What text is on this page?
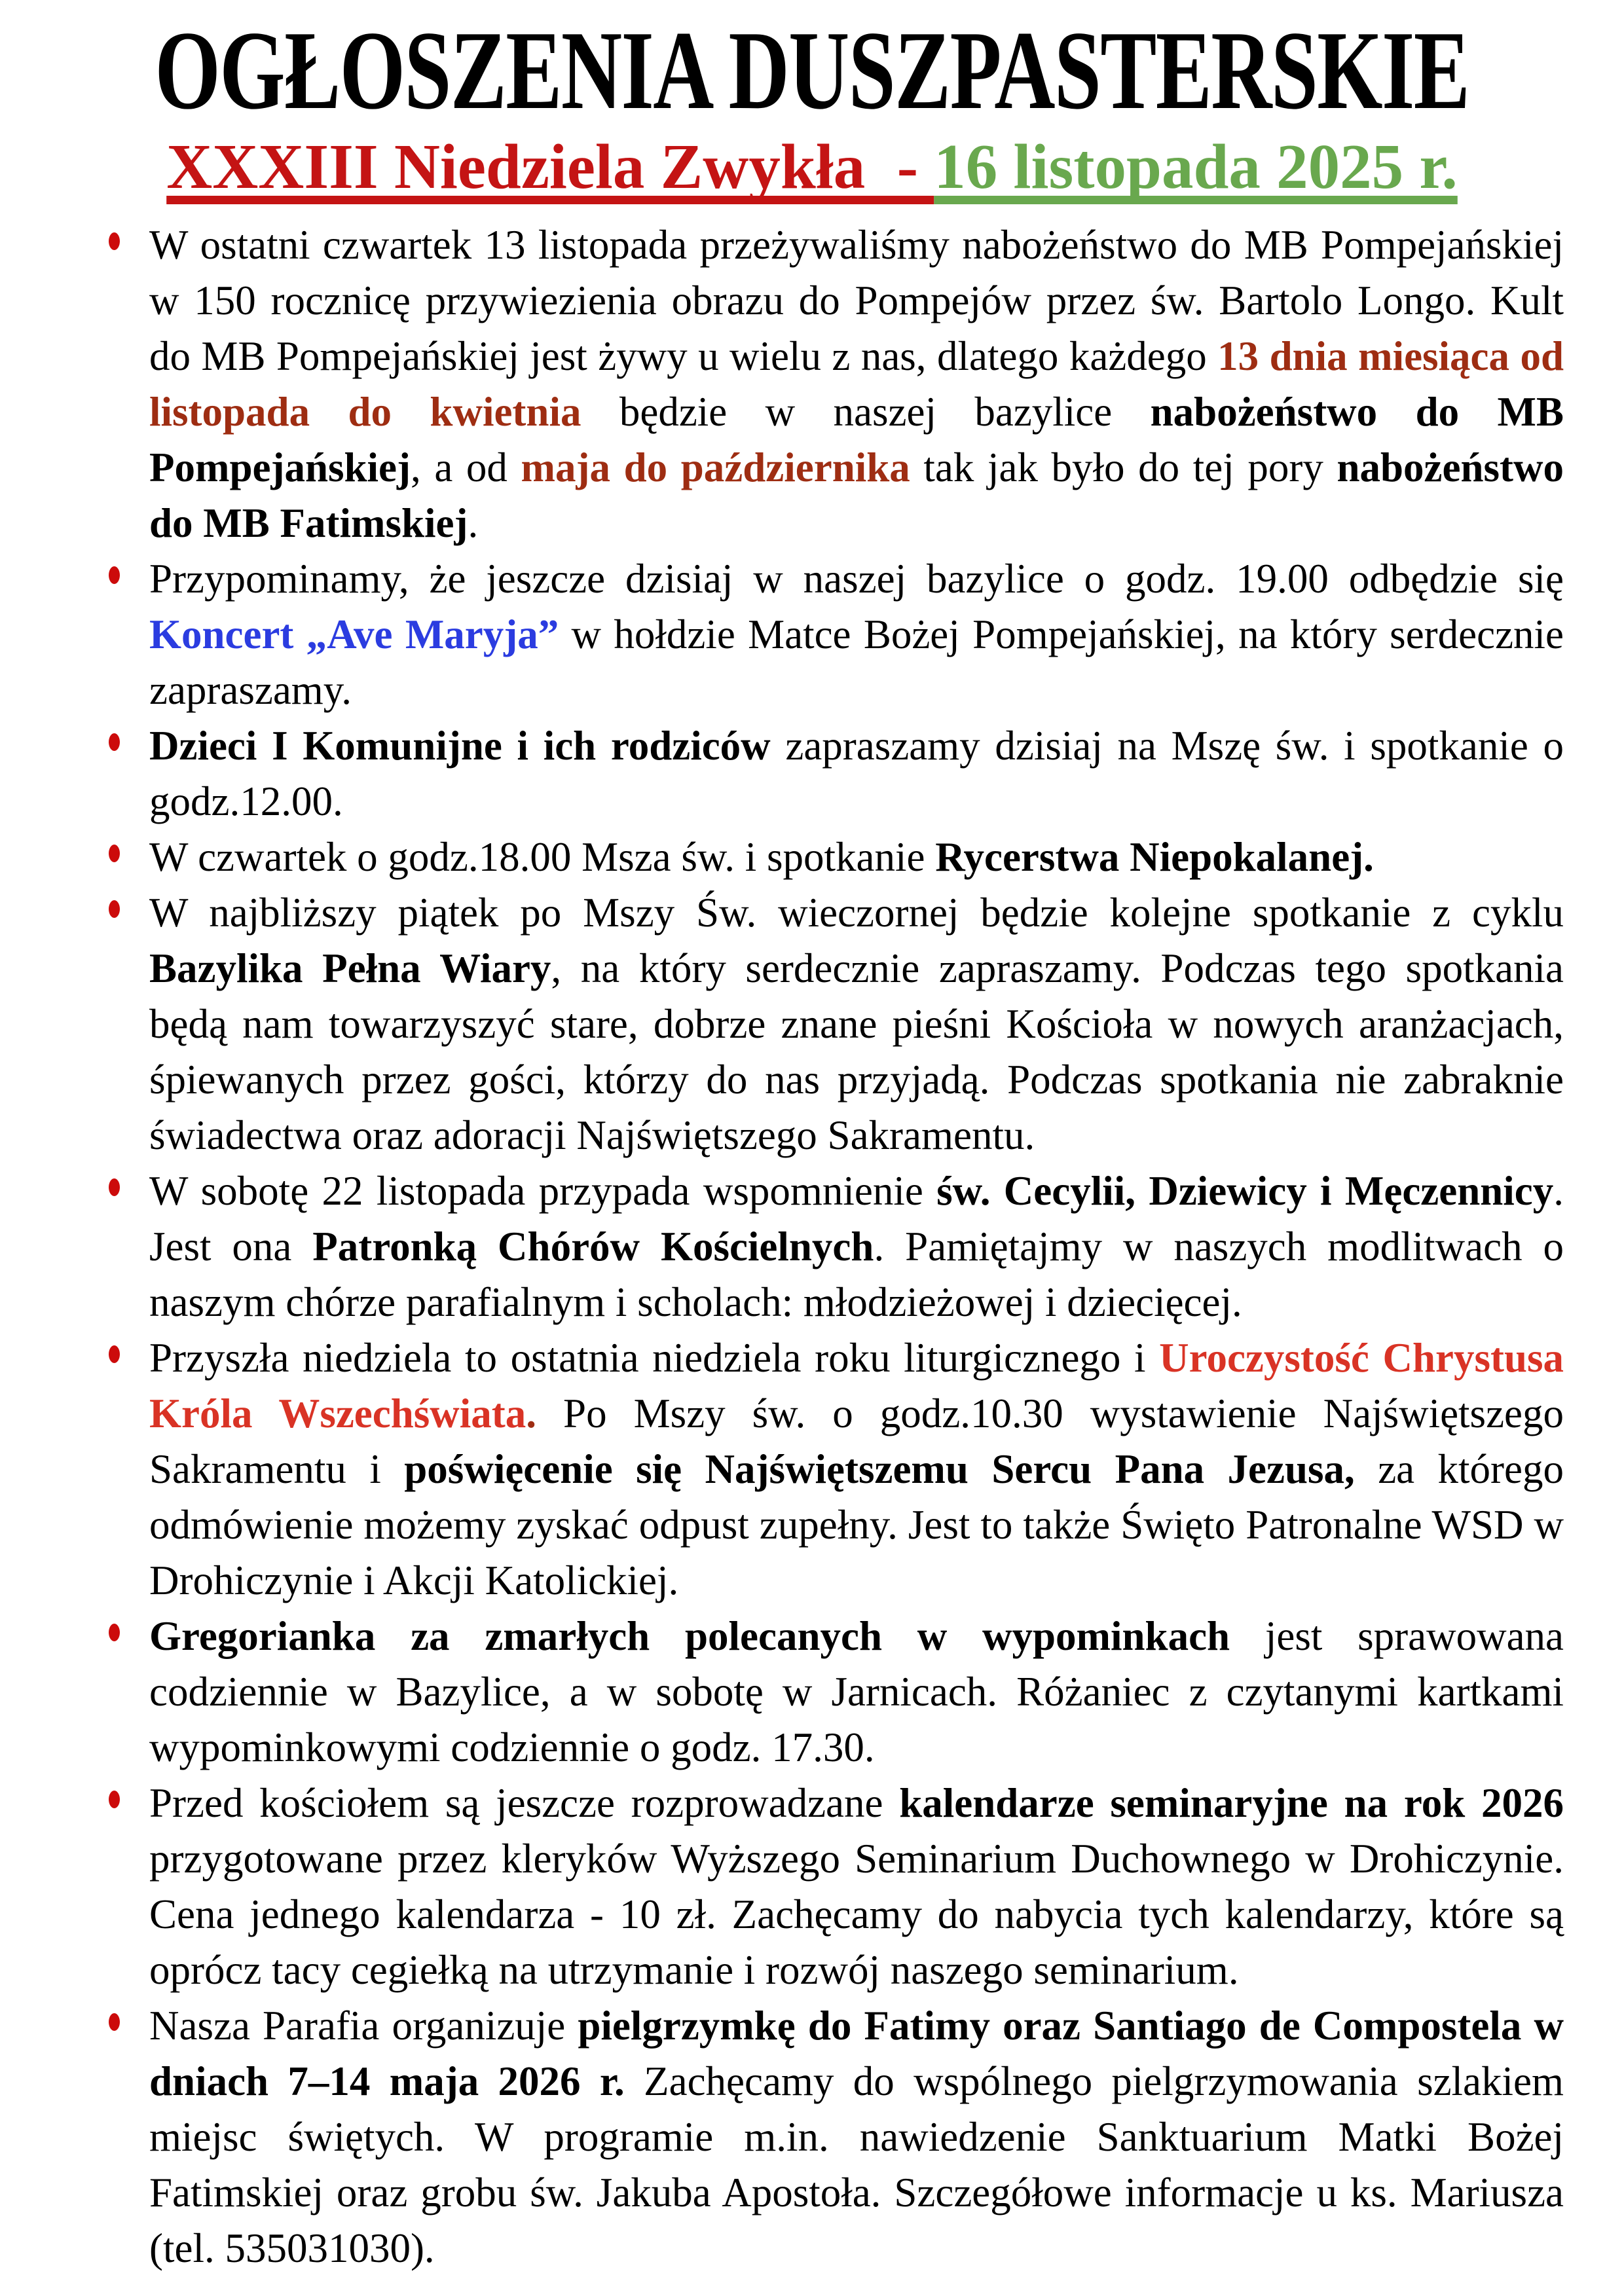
OGŁOSZENIA DUSZPASTERSKIE
XXXIII Niedziela Zwykła  - 16 listopada 2025 r.
W ostatni czwartek 13 listopada przeżywaliśmy nabożeństwo do MB Pompejańskiej w 150 rocznicę przywiezienia obrazu do Pompejów przez św. Bartolo Longo. Kult do MB Pompejańskiej jest żywy u wielu z nas, dlatego każdego 13 dnia miesiąca od listopada do kwietnia będzie w naszej bazylice nabożeństwo do MB Pompejańskiej, a od maja do października tak jak było do tej pory nabożeństwo do MB Fatimskiej.
Przypominamy, że jeszcze dzisiaj w naszej bazylice o godz. 19.00 odbędzie się Koncert „Ave Maryja” w hołdzie Matce Bożej Pompejańskiej, na który serdecznie zapraszamy.
Dzieci I Komunijne i ich rodziców zapraszamy dzisiaj na Mszę św. i spotkanie o godz.12.00.
W czwartek o godz.18.00 Msza św. i spotkanie Rycerstwa Niepokalanej.
W najbliższy piątek po Mszy Św. wieczornej będzie kolejne spotkanie z cyklu Bazylika Pełna Wiary, na który serdecznie zapraszamy. Podczas tego spotkania będą nam towarzyszyć stare, dobrze znane pieśni Kościoła w nowych aranżacjach, śpiewanych przez gości, którzy do nas przyjadą. Podczas spotkania nie zabraknie świadectwa oraz adoracji Najświętszego Sakramentu.
W sobotę 22 listopada przypada wspomnienie św. Cecylii, Dziewicy i Męczennicy. Jest ona Patronką Chórów Kościelnych. Pamiętajmy w naszych modlitwach o naszym chórze parafialnym i scholach: młodzieżowej i dziecięcej.
Przyszła niedziela to ostatnia niedziela roku liturgicznego i Uroczystość Chrystusa Króla Wszechświata. Po Mszy św. o godz.10.30 wystawienie Najświętszego Sakramentu i poświęcenie się Najświętszemu Sercu Pana Jezusa, za którego odmówienie możemy zyskać odpust zupełny. Jest to także Święto Patronalne WSD w Drohiczynie i Akcji Katolickiej.
Gregorianka za zmarłych polecanych w wypominkach jest sprawowana codziennie w Bazylice, a w sobotę w Jarnicach. Różaniec z czytanymi kartkami wypominkowymi codziennie o godz. 17.30.
Przed kościołem są jeszcze rozprowadzane kalendarze seminaryjne na rok 2026 przygotowane przez kleryków Wyższego Seminarium Duchownego w Drohiczynie. Cena jednego kalendarza - 10 zł. Zachęcamy do nabycia tych kalendarzy, które są oprócz tacy cegiełką na utrzymanie i rozwój naszego seminarium.
Nasza Parafia organizuje pielgrzymkę do Fatimy oraz Santiago de Compostela w dniach 7–14 maja 2026 r. Zachęcamy do wspólnego pielgrzymowania szlakiem miejsc świętych. W programie m.in. nawiedzenie Sanktuarium Matki Bożej Fatimskiej oraz grobu św. Jakuba Apostoła. Szczegółowe informacje u ks. Mariusza (tel. 535031030).
